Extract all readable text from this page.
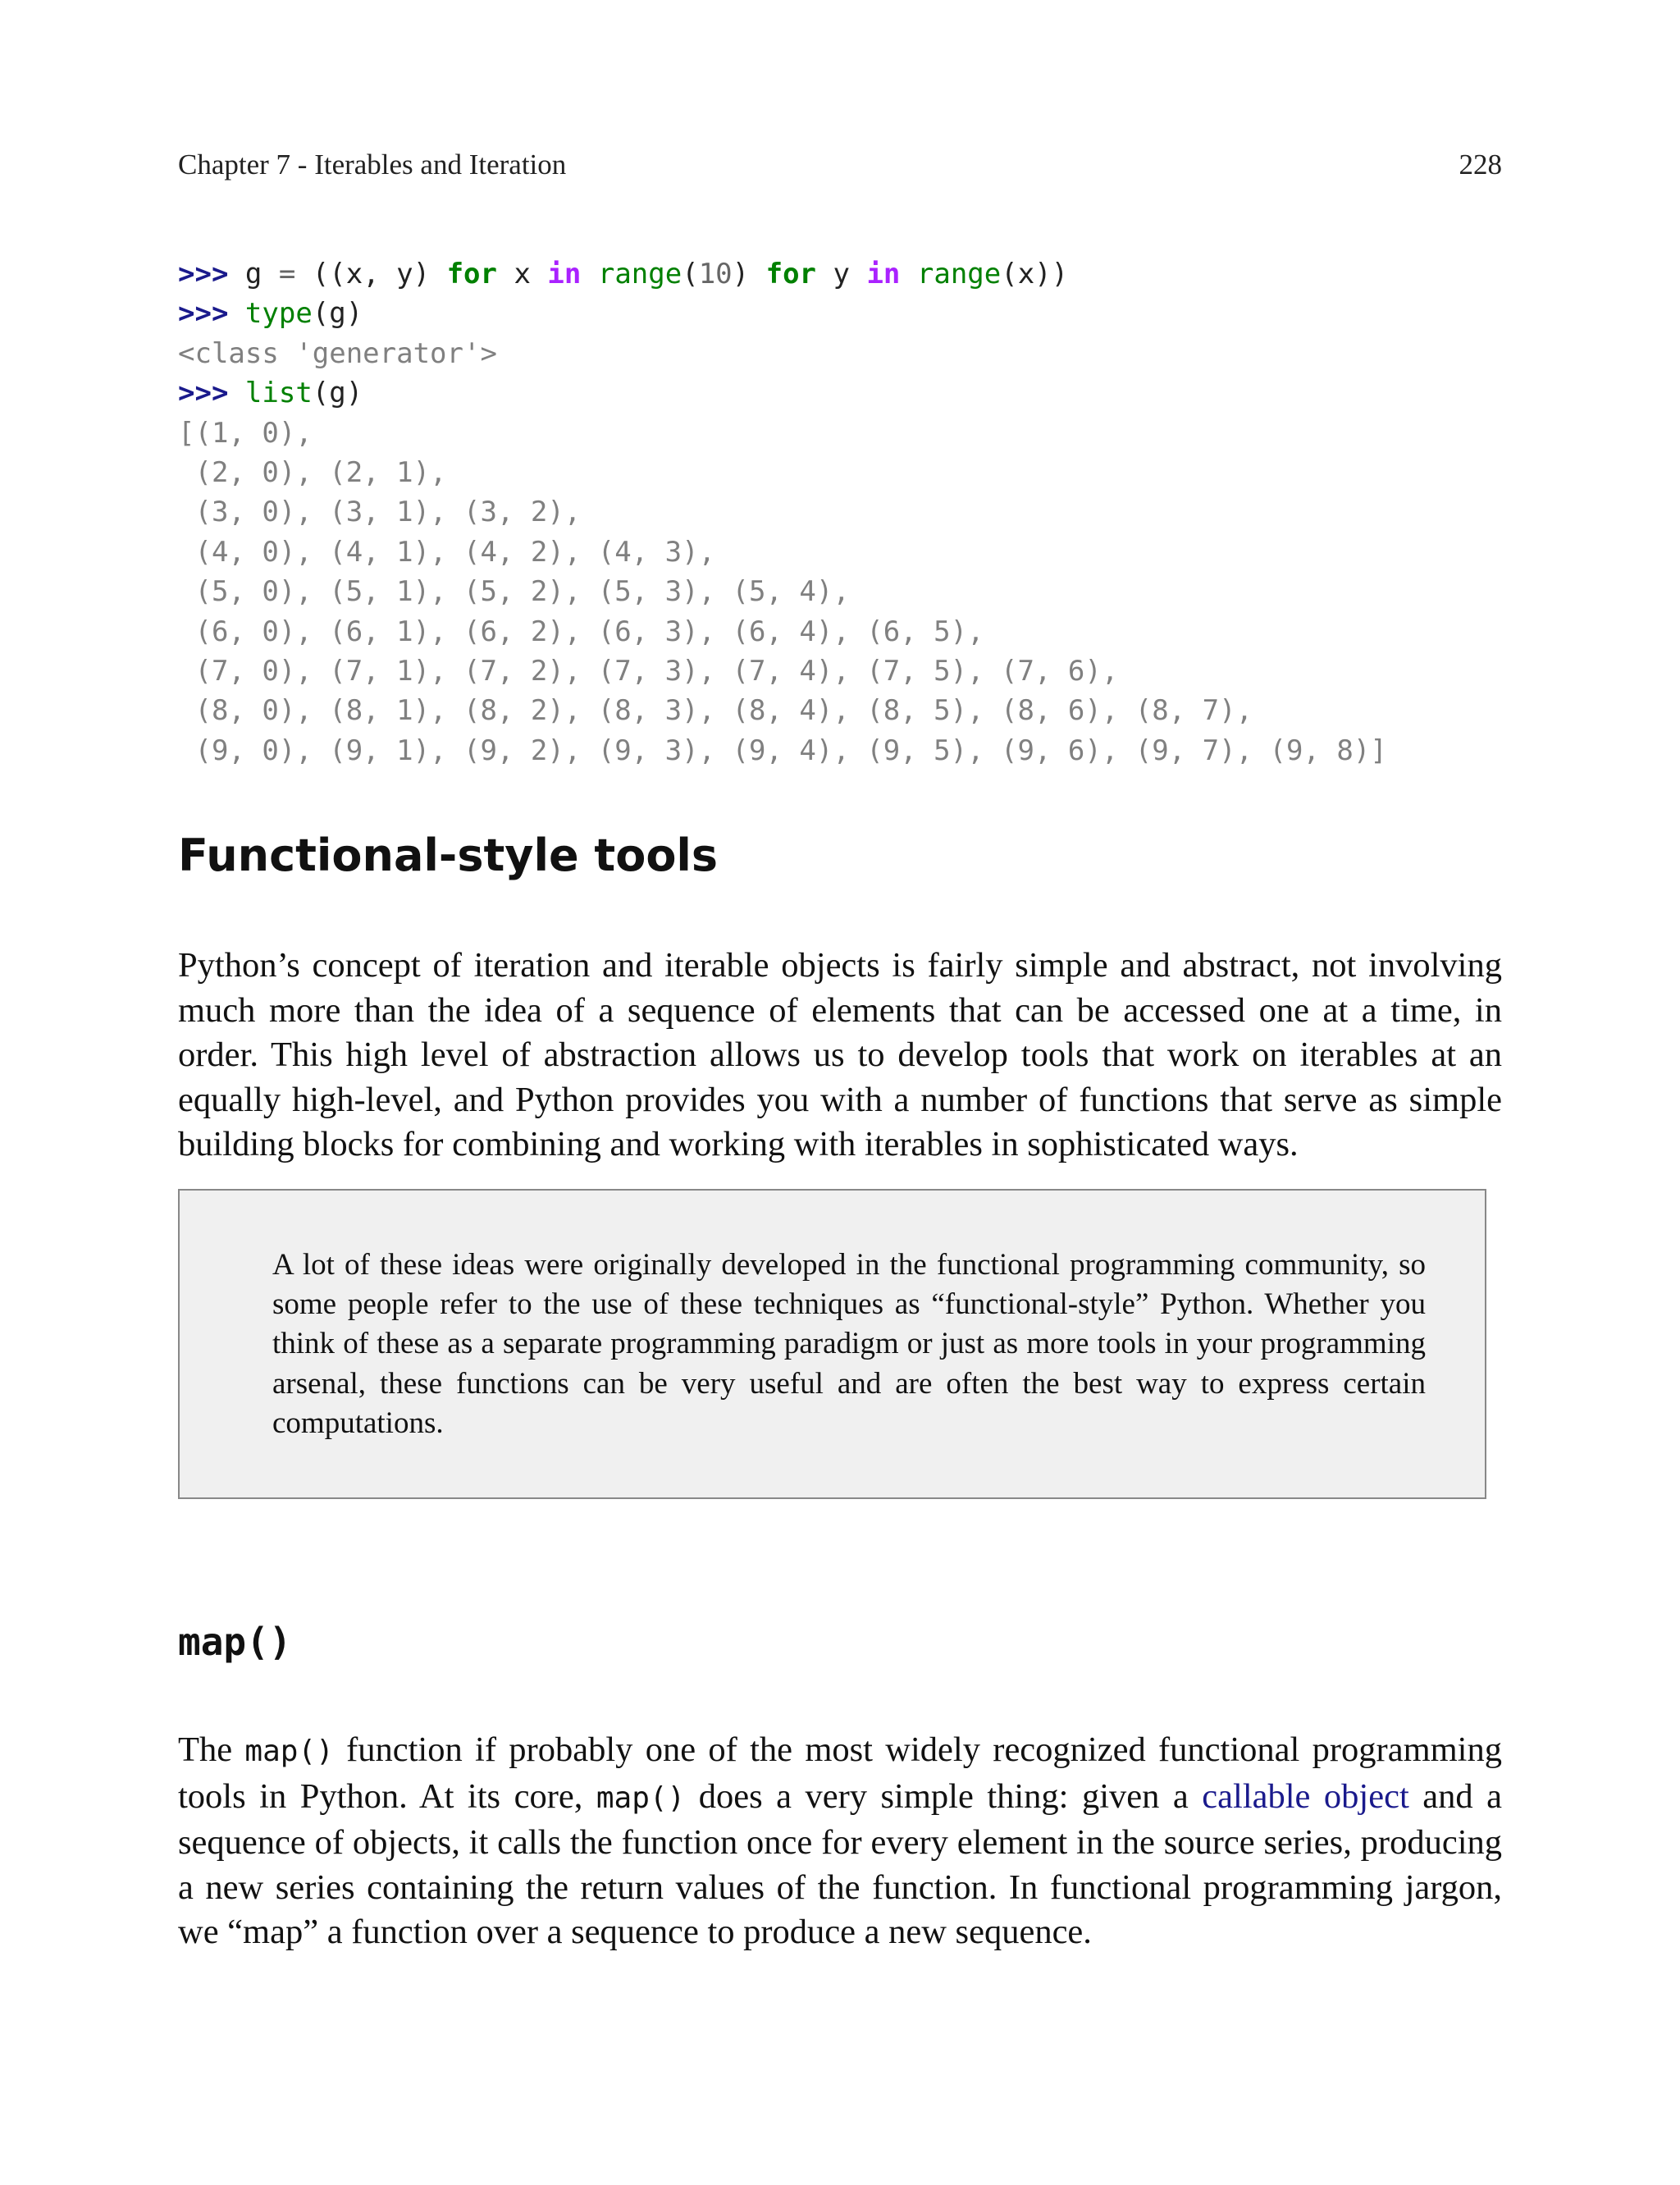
Chapter 7 - Iterables and Iteration	228
>>> g = ((x, y) for x in range(10) for y in range(x))
>>> type(g)
<class 'generator'>
>>> list(g)
[(1, 0),
(2, 0), (2, 1),
(3, 0), (3, 1), (3, 2),
(4, 0), (4, 1), (4, 2), (4, 3),
(5, 0), (5, 1), (5, 2), (5, 3), (5, 4),
(6, 0), (6, 1), (6, 2), (6, 3), (6, 4), (6, 5),
(7, 0), (7, 1), (7, 2), (7, 3), (7, 4), (7, 5), (7, 6),
(8, 0), (8, 1), (8, 2), (8, 3), (8, 4), (8, 5), (8, 6), (8, 7),
(9, 0), (9, 1), (9, 2), (9, 3), (9, 4), (9, 5), (9, 6), (9, 7), (9, 8)]
Functional-style tools

Python’s concept of iteration and iterable objects is fairly simple and abstract, not involving much more than the idea of a sequence of elements that can be accessed one at a time, in order. This high level of abstraction allows us to develop tools that work on iterables at an equally high-level, and Python provides you with a number of functions that serve as simple building blocks for combining and working with iterables in sophisticated ways.

A lot of these ideas were originally developed in the functional programming community, so some people refer to the use of these techniques as “functional-style” Python. Whether you think of these as a separate programming paradigm or just as more tools in your programming arsenal, these functions can be very useful and are often the best way to express certain computations.

map()

The map() function if probably one of the most widely recognized functional programming tools in Python. At its core, map() does a very simple thing: given a callable object and a sequence of objects, it calls the function once for every element in the source series, producing a new series containing the return values of the function. In functional programming jargon, we “map” a function over a sequence to produce a new sequence.
